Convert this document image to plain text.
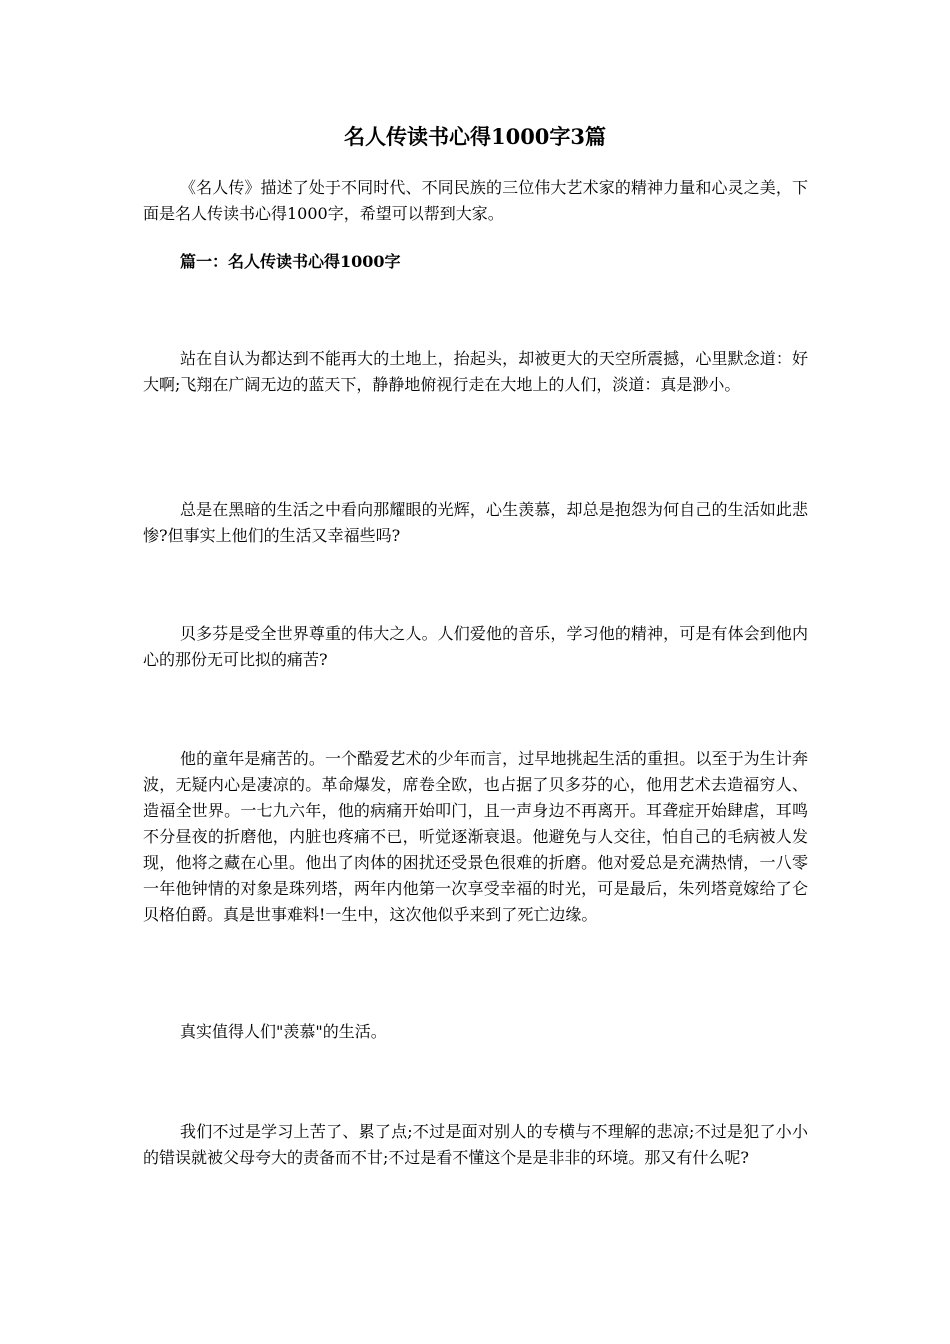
名人传读书心得1000字3篇

《名人传》描述了处于不同时代、不同民族的三位伟大艺术家的精神力量和心灵之美，下面是名人传读书心得1000字，希望可以帮到大家。

篇一：名人传读书心得1000字

站在自认为都达到不能再大的土地上，抬起头，却被更大的天空所震撼，心里默念道：好大啊;飞翔在广阔无边的蓝天下，静静地俯视行走在大地上的人们，淡道：真是渺小。

总是在黑暗的生活之中看向那耀眼的光辉，心生羡慕，却总是抱怨为何自己的生活如此悲惨?但事实上他们的生活又幸福些吗?

贝多芬是受全世界尊重的伟大之人。人们爱他的音乐，学习他的精神，可是有体会到他内心的那份无可比拟的痛苦?

他的童年是痛苦的。一个酷爱艺术的少年而言，过早地挑起生活的重担。以至于为生计奔波，无疑内心是凄凉的。革命爆发，席卷全欧，也占据了贝多芬的心，他用艺术去造福穷人、造福全世界。一七九六年，他的病痛开始叩门，且一声身边不再离开。耳聋症开始肆虐，耳鸣不分昼夜的折磨他，内脏也疼痛不已，听觉逐渐衰退。他避免与人交往，怕自己的毛病被人发现，他将之藏在心里。他出了肉体的困扰还受景色很难的折磨。他对爱总是充满热情，一八零一年他钟情的对象是珠列塔，两年内他第一次享受幸福的时光，可是最后，朱列塔竟嫁给了仑贝格伯爵。真是世事难料!一生中，这次他似乎来到了死亡边缘。

真实值得人们"羡慕"的生活。

我们不过是学习上苦了、累了点;不过是面对别人的专横与不理解的悲凉;不过是犯了小小的错误就被父母夸大的责备而不甘;不过是看不懂这个是是非非的环境。那又有什么呢?
